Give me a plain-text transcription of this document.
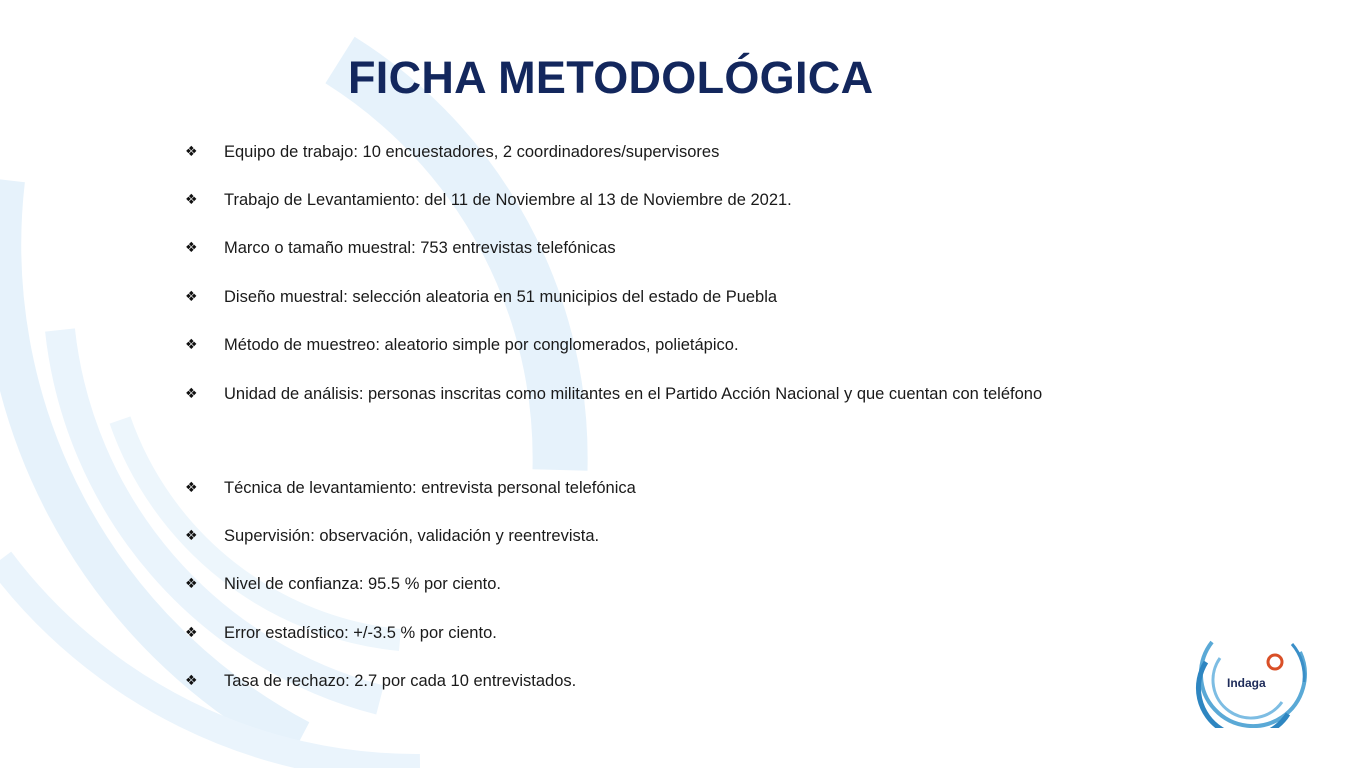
FICHA METODOLÓGICA
❖ Equipo de trabajo: 10 encuestadores, 2 coordinadores/supervisores
❖ Trabajo de Levantamiento: del 11 de Noviembre al 13 de Noviembre de 2021.
❖ Marco o tamaño muestral: 753 entrevistas telefónicas
❖ Diseño muestral: selección aleatoria en 51 municipios del estado de Puebla
❖ Método de muestreo: aleatorio simple por conglomerados, polietápico.
❖ Unidad de análisis: personas inscritas como militantes en el Partido Acción Nacional y que cuentan con teléfono
❖ Técnica de levantamiento: entrevista personal telefónica
❖ Supervisión: observación, validación y reentrevista.
❖ Nivel de confianza: 95.5 % por ciento.
❖ Error estadístico: +/-3.5 % por ciento.
❖ Tasa de rechazo: 2.7 por cada 10 entrevistados.	Indaga
